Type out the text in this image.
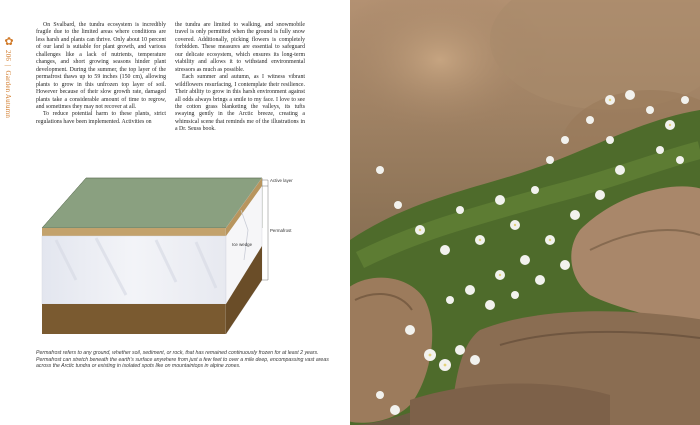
✿
206  |  Garden Autumn

On Svalbard, the tundra ecosystem is incredibly fragile due to the limited areas where conditions are less harsh and plants can thrive. Only about 10 percent of our land is suitable for plant growth, and various challenges like a lack of nutrients, temperature changes, and short growing seasons hinder plant development. During the summer, the top layer of the permafrost thaws up to 59 inches (150 cm), allowing plants to grow in this unfrozen top layer of soil. However because of their slow growth rate, damaged plants take a considerable amount of time to regrow, and sometimes they may not recover at all.

To reduce potential harm to these plants, strict regulations have been implemented. Activities on

the tundra are limited to walking, and snowmobile travel is only permitted when the ground is fully snow covered. Additionally, picking flowers is completely forbidden. These measures are essential to safeguard our delicate ecosystem, which ensures its long-term viability and allows it to withstand environmental stressors as much as possible.

Each summer and autumn, as I witness vibrant wildflowers resurfacing, I contemplate their resilience. Their ability to grow in this harsh environment against all odds always brings a smile to my face. I love to see the cotton grass blanketing the valleys, its tufts swaying gently in the Arctic breeze, creating a whimsical scene that reminds me of the illustrations in a Dr. Seuss book.

Active layer
Permafrost
Ice wedge
Permafrost refers to any ground, whether soil, sediment, or rock, that has remained continuously frozen for at least 2 years. Permafrost can stretch beneath the earth's surface anywhere from just a few feet to over a mile deep, encompassing vast areas across the Arctic tundra or existing in isolated spots like on mountaintops in alpine zones.
